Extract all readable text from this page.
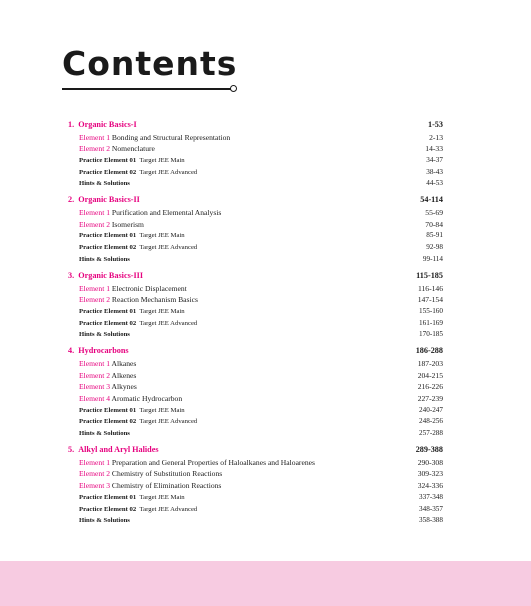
Contents
1. Organic Basics-I	1-53
Element 1 Bonding and Structural Representation	2-13
Element 2 Nomenclature	14-33
Practice Element 01 Target JEE Main	34-37
Practice Element 02 Target JEE Advanced	38-43
Hints & Solutions	44-53
2. Organic Basics-II	54-114
Element 1 Purification and Elemental Analysis	55-69
Element 2 Isomerism	70-84
Practice Element 01 Target JEE Main	85-91
Practice Element 02 Target JEE Advanced	92-98
Hints & Solutions	99-114
3. Organic Basics-III	115-185
Element 1 Electronic Displacement	116-146
Element 2 Reaction Mechanism Basics	147-154
Practice Element 01 Target JEE Main	155-160
Practice Element 02 Target JEE Advanced	161-169
Hints & Solutions	170-185
4. Hydrocarbons	186-288
Element 1 Alkanes	187-203
Element 2 Alkenes	204-215
Element 3 Alkynes	216-226
Element 4 Aromatic Hydrocarbon	227-239
Practice Element 01 Target JEE Main	240-247
Practice Element 02 Target JEE Advanced	248-256
Hints & Solutions	257-288
5. Alkyl and Aryl Halides	289-388
Element 1 Preparation and General Properties of Haloalkanes and Haloarenes	290-308
Element 2 Chemistry of Substitution Reactions	309-323
Element 3 Chemistry of Elimination Reactions	324-336
Practice Element 01 Target JEE Main	337-348
Practice Element 02 Target JEE Advanced	348-357
Hints & Solutions	358-388
